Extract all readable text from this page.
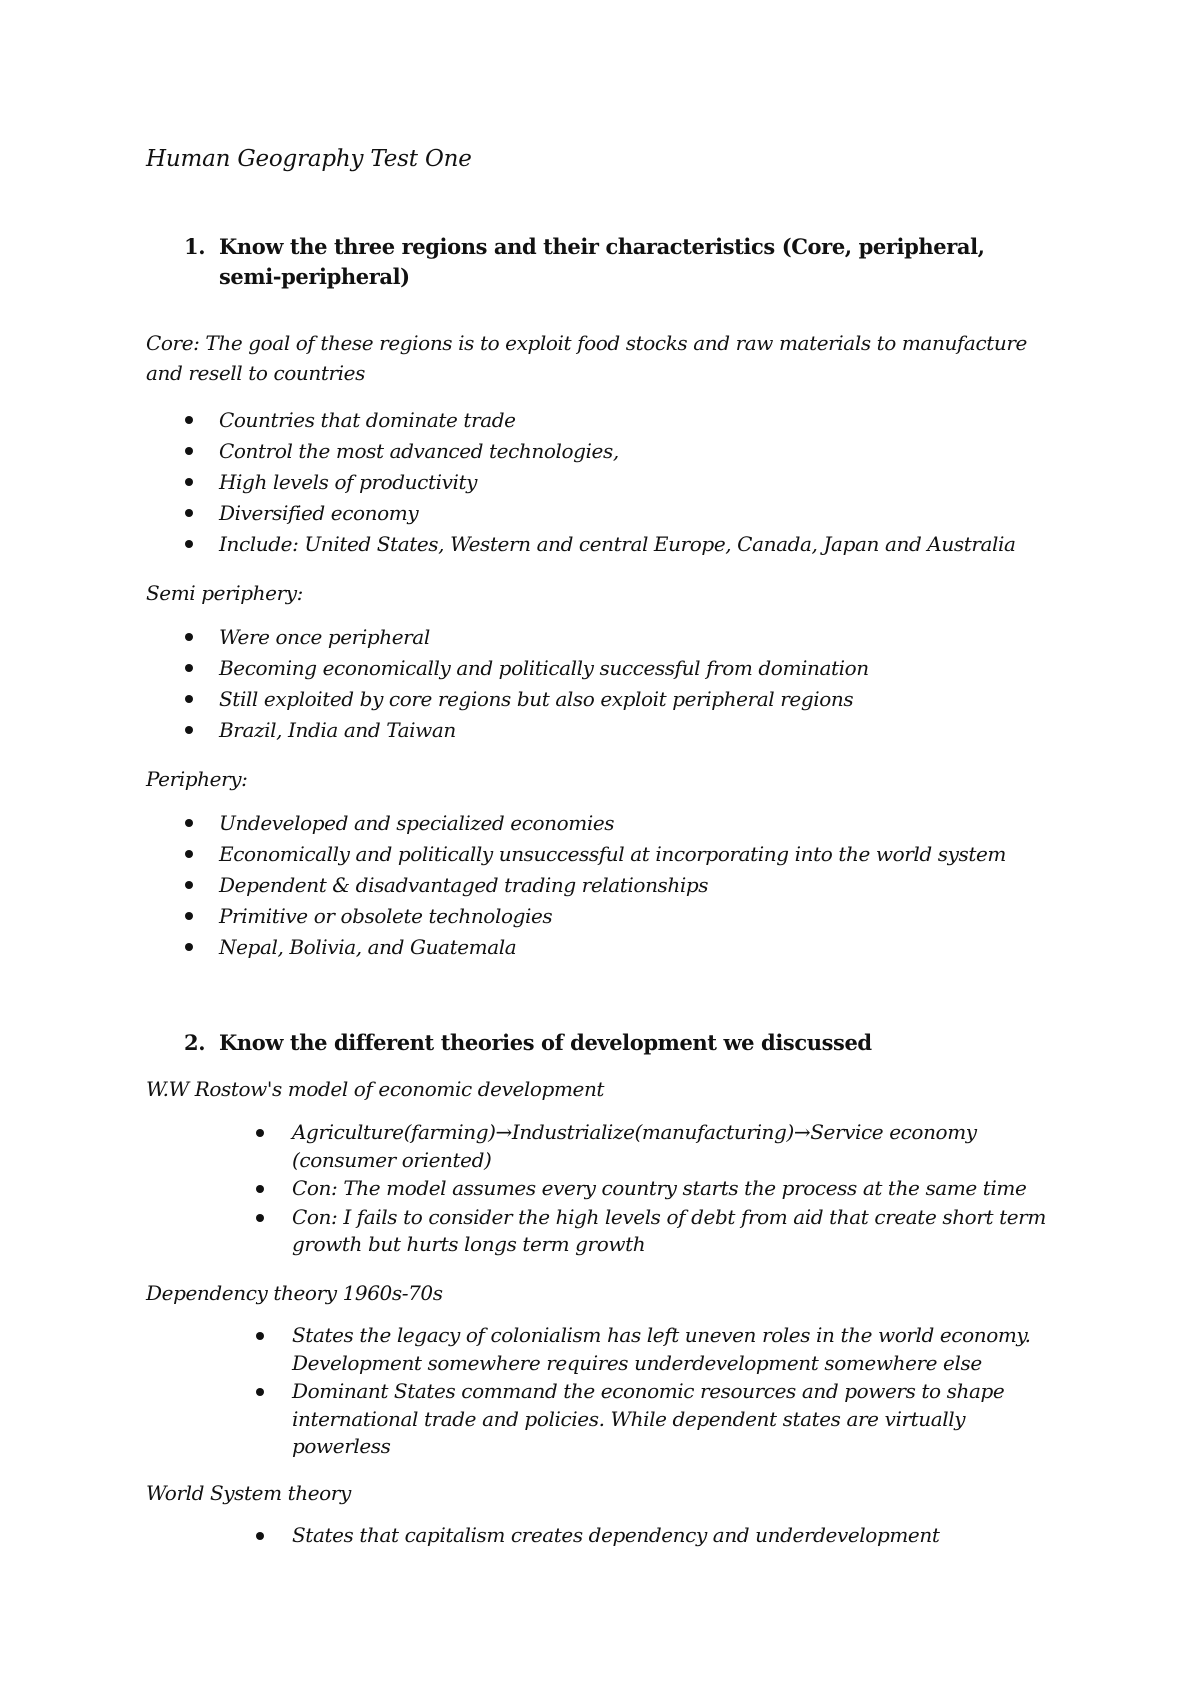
Human Geography Test One
1. Know the three regions and their characteristics (Core, peripheral, semi-peripheral)
Core: The goal of these regions is to exploit food stocks and raw materials to manufacture and resell to countries
Countries that dominate trade
Control the most advanced technologies,
High levels of productivity
Diversified economy
Include: United States, Western and central Europe, Canada, Japan and Australia
Semi periphery:
Were once peripheral
Becoming economically and politically successful from domination
Still exploited by core regions but also exploit peripheral regions
Brazil, India and Taiwan
Periphery:
Undeveloped and specialized economies
Economically and politically unsuccessful at incorporating into the world system
Dependent & disadvantaged trading relationships
Primitive or obsolete technologies
Nepal, Bolivia, and Guatemala
2. Know the different theories of development we discussed
W.W Rostow's model of economic development
Agriculture(farming)→Industrialize(manufacturing)→Service economy (consumer oriented)
Con: The model assumes every country starts the process at the same time
Con: I fails to consider the high levels of debt from aid that create short term growth but hurts longs term growth
Dependency theory 1960s-70s
States the legacy of colonialism has left uneven roles in the world economy. Development somewhere requires underdevelopment somewhere else
Dominant States command the economic resources and powers to shape international trade and policies. While dependent states are virtually powerless
World System theory
States that capitalism creates dependency and underdevelopment
